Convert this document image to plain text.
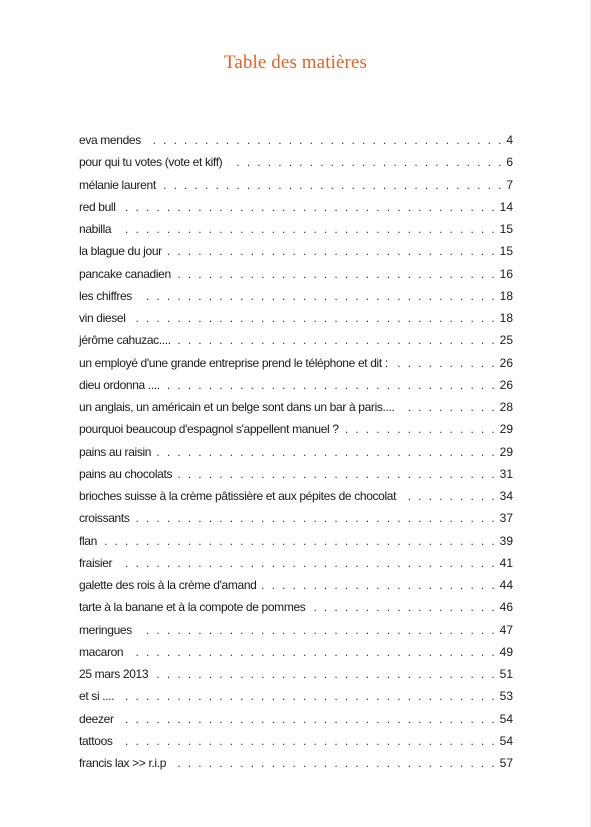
Table des matières
eva mendes . . .	4
pour qui tu votes (vote et kiff) . . .	6
mélanie laurent . . .	7
red bull . . .	14
nabilla . . .	15
la blague du jour . . .	15
pancake canadien . . .	16
les chiffres . . .	18
vin diesel . . .	18
jérôme cahuzac.... . . .	25
un employé d'une grande entreprise prend le téléphone et dit : . . .	26
dieu ordonna .... . . .	26
un anglais, un américain et un belge sont dans un bar à paris.... . . .	28
pourquoi beaucoup d'espagnol s'appellent manuel ? . . .	29
pains au raisin . . .	29
pains au chocolats . . .	31
brioches suisse à la crème pâtissière et aux pépites de chocolat . . .	34
croissants . . .	37
flan . . .	39
fraisier . . .	41
galette des rois à la crème d'amand . . .	44
tarte à la banane et à la compote de pommes . . .	46
meringues . . .	47
macaron . . .	49
25 mars 2013 . . .	51
et si .... . . .	53
deezer . . .	54
tattoos . . .	54
francis lax >> r.i.p . . .	57
